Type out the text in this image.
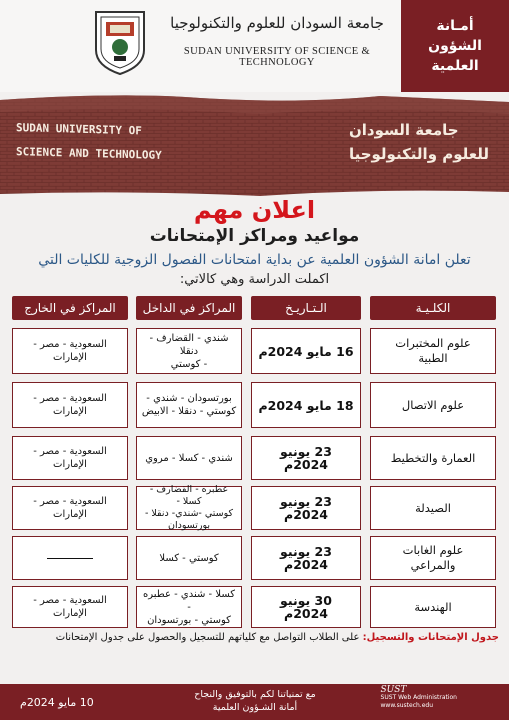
جامعة السودان للعلوم والتكنولوجيا
SUDAN UNIVERSITY OF SCIENCE & TECHNOLOGY
أمـانة
الشؤون
العلمية
SUDAN UNIVERSITY OF
SCIENCE AND TECHNOLOGY
جامعة السودان
للعلوم والتكنولوجيا
اعلان مهم
مواعيد ومراكز الإمتحانات
تعلن امانة الشؤون العلمية عن بداية امتحانات الفصول الزوجية للكليات التي
اكملت الدراسة وهي كالاتي:
الكلـيـة
الـتـاريـخ
المراكز في الداخل
المراكز في الخارج
علوم المختبرات
الطبية
16 مايو 2024م
شندي - القضارف - دنقلا
- كوستي
السعودية - مصر -
الإمارات
علوم الاتصال
18 مايو 2024م
بورتسودان - شندي -
كوستي - دنقلا - الابيض
السعودية - مصر -
الإمارات
العمارة والتخطيط
23 يونيو 2024م
شندي - كسلا - مروي
السعودية - مصر -
الإمارات
الصيدلة
23 يونيو 2024م
عطبره - القضارف - كسلا -
كوستي -شندي- دنقلا -
بورتسودان
السعودية - مصر -
الإمارات
علوم الغابات
والمراعي
23 يونيو 2024م
كوستي - كسلا
الهندسة
30 يونيو 2024م
كسلا - شندي - عطبره -
كوستي - بورتسودان
السعودية - مصر -
الإمارات
جدول الإمتحانات والتسجيل: على الطلاب التواصل مع كلياتهم للتسجيل والحصول على جدول الإمتحانات
10 مايو 2024م
مع تمنياتنا لكم بالتوفيق والنجاح
أمانة الشـؤون العلمية
SUST
SUST Web Administration
www.sustech.edu
